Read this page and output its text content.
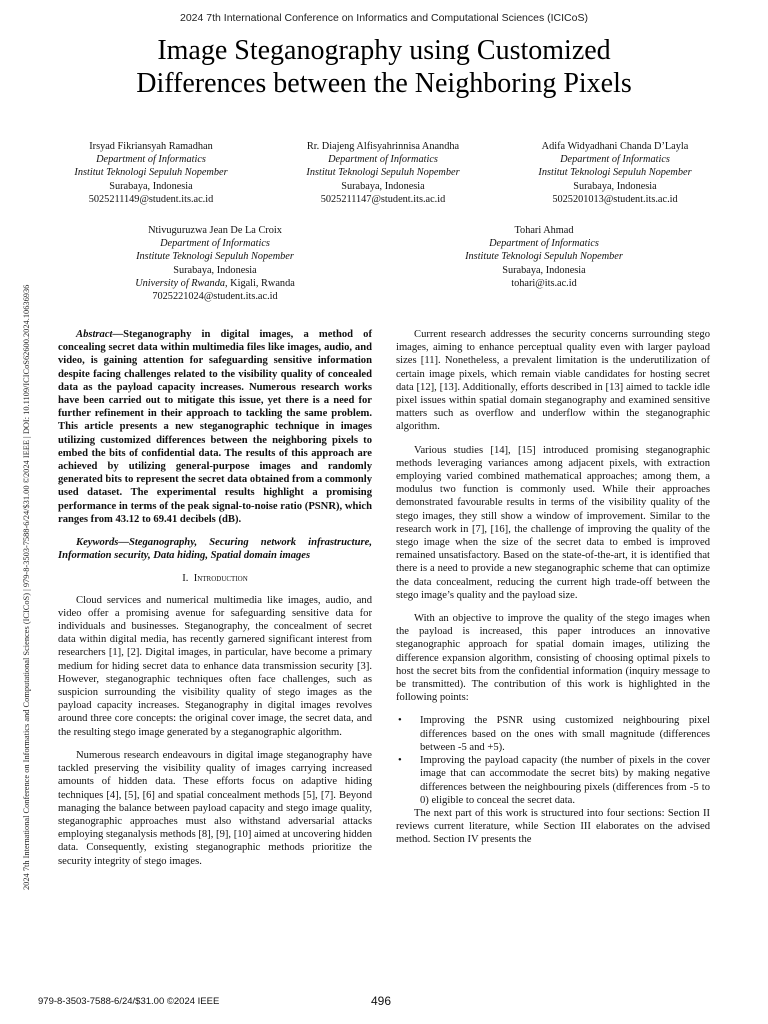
2024 7th International Conference on Informatics and Computational Sciences (ICICoS)
Image Steganography using Customized
Differences between the Neighboring Pixels
2024 7th International Conference on Informatics and Computational Sciences (ICICoS) | 979-8-3503-7588-6/24/$31.00 ©2024 IEEE | DOI: 10.1109/ICICoS62600.2024.10636936
Irsyad Fikriansyah Ramadhan
Department of Informatics
Institut Teknologi Sepuluh Nopember
Surabaya, Indonesia
5025211149@student.its.ac.id
Rr. Diajeng Alfisyahrinnisa Anandha
Department of Informatics
Institut Teknologi Sepuluh Nopember
Surabaya, Indonesia
5025211147@student.its.ac.id
Adifa Widyadhani Chanda D’Layla
Department of Informatics
Institut Teknologi Sepuluh Nopember
Surabaya, Indonesia
5025201013@student.its.ac.id
Ntivuguruzwa Jean De La Croix
Department of Informatics
Institute Teknologi Sepuluh Nopember
Surabaya, Indonesia
University of Rwanda, Kigali, Rwanda
7025221024@student.its.ac.id
Tohari Ahmad
Department of Informatics
Institute Teknologi Sepuluh Nopember
Surabaya, Indonesia
tohari@its.ac.id

Abstract—Steganography in digital images, a method of concealing secret data within multimedia files like images, audio, and video, is gaining attention for safeguarding sensitive information despite facing challenges related to the visibility quality of concealed data as the payload capacity increases. Numerous research works have been carried out to mitigate this issue, yet there is a need for further refinement in their approach to tackling the same problem. This article presents a new steganographic technique in images utilizing customized differences between the neighboring pixels to embed the bits of confidential data. The results of this approach are achieved by utilizing general-purpose images and randomly generated bits to represent the secret data obtained from a commonly used dataset. The experimental results highlight a promising performance in terms of the peak signal-to-noise ratio (PSNR), which ranges from 43.12 to 69.41 decibels (dB).

Keywords—Steganography, Securing network infrastructure, Information security, Data hiding, Spatial domain images

I. Introduction

Cloud services and numerical multimedia like images, audio, and video offer a promising avenue for safeguarding sensitive data for individuals and businesses. Steganography, the concealment of secret data within digital media, has recently garnered significant interest from researchers [1], [2]. Digital images, in particular, have become a primary medium for hiding secret data to enhance data transmission security [3]. However, steganographic techniques often face challenges, such as suspicion surrounding the visibility quality of stego images as the payload capacity increases. Steganography in digital images revolves around three core concepts: the original cover image, the secret data, and the resulting stego image generated by a steganographic algorithm.

Numerous research endeavours in digital image steganography have tackled preserving the visibility quality of images carrying increased amounts of hidden data. These efforts focus on adaptive hiding techniques [4], [5], [6] and spatial concealment methods [5], [7]. Beyond managing the balance between payload capacity and stego image quality, steganographic approaches must also withstand adversarial attacks employing steganalysis methods [8], [9], [10] aimed at uncovering hidden data. Consequently, existing steganographic methods prioritize the security integrity of stego images.

Current research addresses the security concerns surrounding stego images, aiming to enhance perceptual quality even with larger payload sizes [11]. Nonetheless, a prevalent limitation is the underutilization of certain image pixels, which remain viable candidates for hosting secret data [12], [13]. Additionally, efforts described in [13] aimed to tackle idle pixel issues within spatial domain steganography and examined sensitive matters such as overflow and underflow within the steganographic algorithm.

Various studies [14], [15] introduced promising steganographic methods leveraging variances among adjacent pixels, with extraction employing varied combined mathematical approaches; among them, a modulus two function is commonly used. While their approaches demonstrated favourable results in terms of the visibility quality of the stego images, they still show a window of improvement. Similar to the research work in [7], [16], the challenge of improving the quality of the stego image when the size of the secret data to embed is improved remained unsatisfactory. Based on the state-of-the-art, it is identified that there is a need to provide a new steganographic scheme that can optimize the data concealment, reducing the current high trade-off between the stego image’s quality and the payload size.

With an objective to improve the quality of the stego images when the payload is increased, this paper introduces an innovative steganographic approach for spatial domain images, utilizing the difference expansion algorithm, consisting of choosing optimal pixels to host the secret bits from the confidential information (inquiry message to be transmitted). The contribution of this work is highlighted in the following points:

• Improving the PSNR using customized neighbouring pixel differences based on the ones with small magnitude (differences between -5 and +5).
• Improving the payload capacity (the number of pixels in the cover image that can accommodate the secret bits) by making negative differences between the neighbouring pixels (differences from -5 to 0) eligible to conceal the secret data.

The next part of this work is structured into four sections: Section II reviews current literature, while Section III elaborates on the advised method. Section IV presents the

979-8-3503-7588-6/24/$31.00 ©2024 IEEE	496
